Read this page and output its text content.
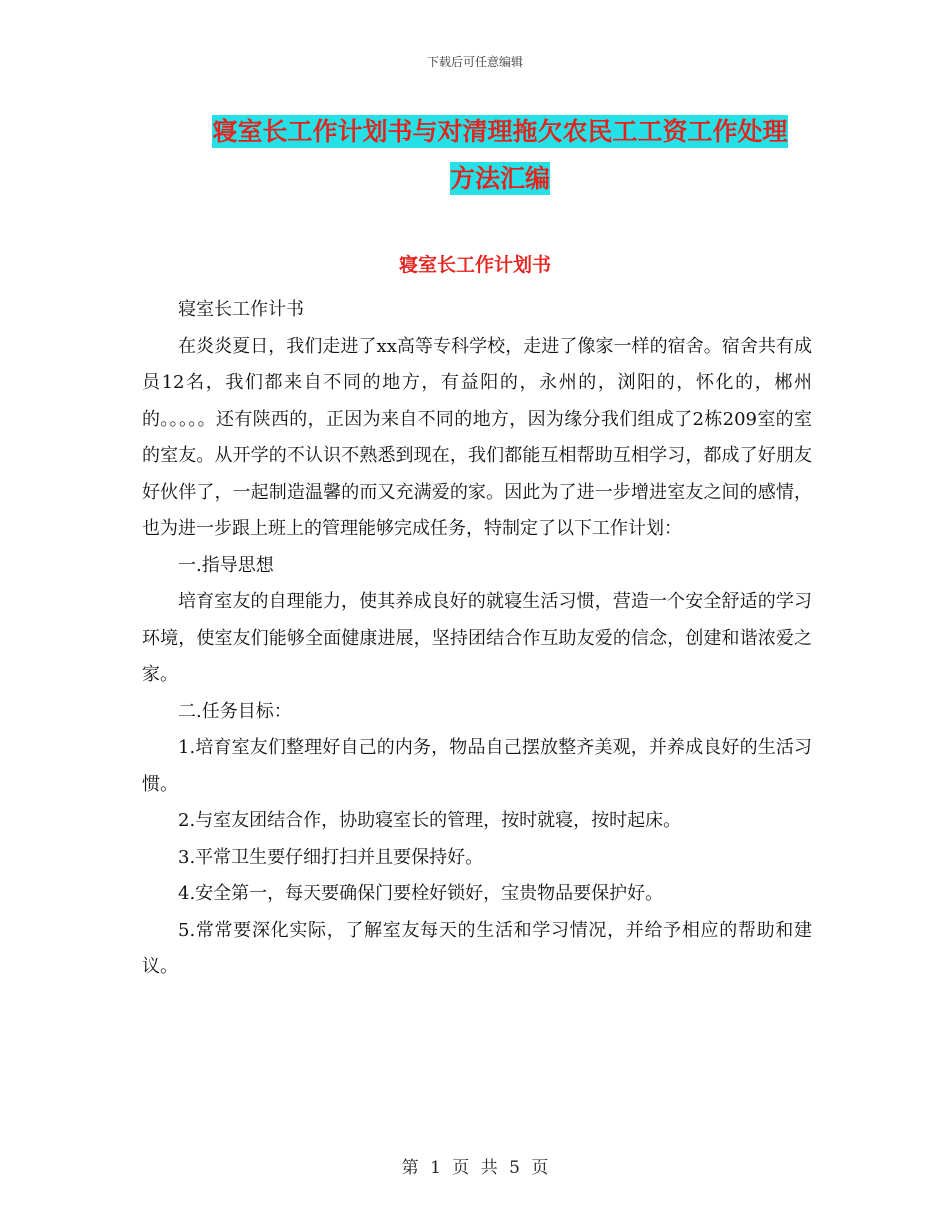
下载后可任意编辑
寝室长工作计划书与对清理拖欠农民工工资工作处理
方法汇编
寝室长工作计划书

寝室长工作计书

在炎炎夏日，我们走进了xx高等专科学校，走进了像家一样的宿舍。宿舍共有成员12名，我们都来自不同的地方，有益阳的，永州的，浏阳的，怀化的，郴州的。。。。。还有陕西的，正因为来自不同的地方，因为缘分我们组成了2栋209室的室的室友。从开学的不认识不熟悉到现在，我们都能互相帮助互相学习，都成了好朋友好伙伴了，一起制造温馨的而又充满爱的家。因此为了进一步增进室友之间的感情，也为进一步跟上班上的管理能够完成任务，特制定了以下工作计划：

一.指导思想

培育室友的自理能力，使其养成良好的就寝生活习惯，营造一个安全舒适的学习环境，使室友们能够全面健康进展，坚持团结合作互助友爱的信念，创建和谐浓爱之家。

二.任务目标：

1.培育室友们整理好自己的内务，物品自己摆放整齐美观，并养成良好的生活习惯。

2.与室友团结合作，协助寝室长的管理，按时就寝，按时起床。

3.平常卫生要仔细打扫并且要保持好。

4.安全第一，每天要确保门要栓好锁好，宝贵物品要保护好。

5.常常要深化实际，了解室友每天的生活和学习情况，并给予相应的帮助和建议。

第 1 页 共 5 页
